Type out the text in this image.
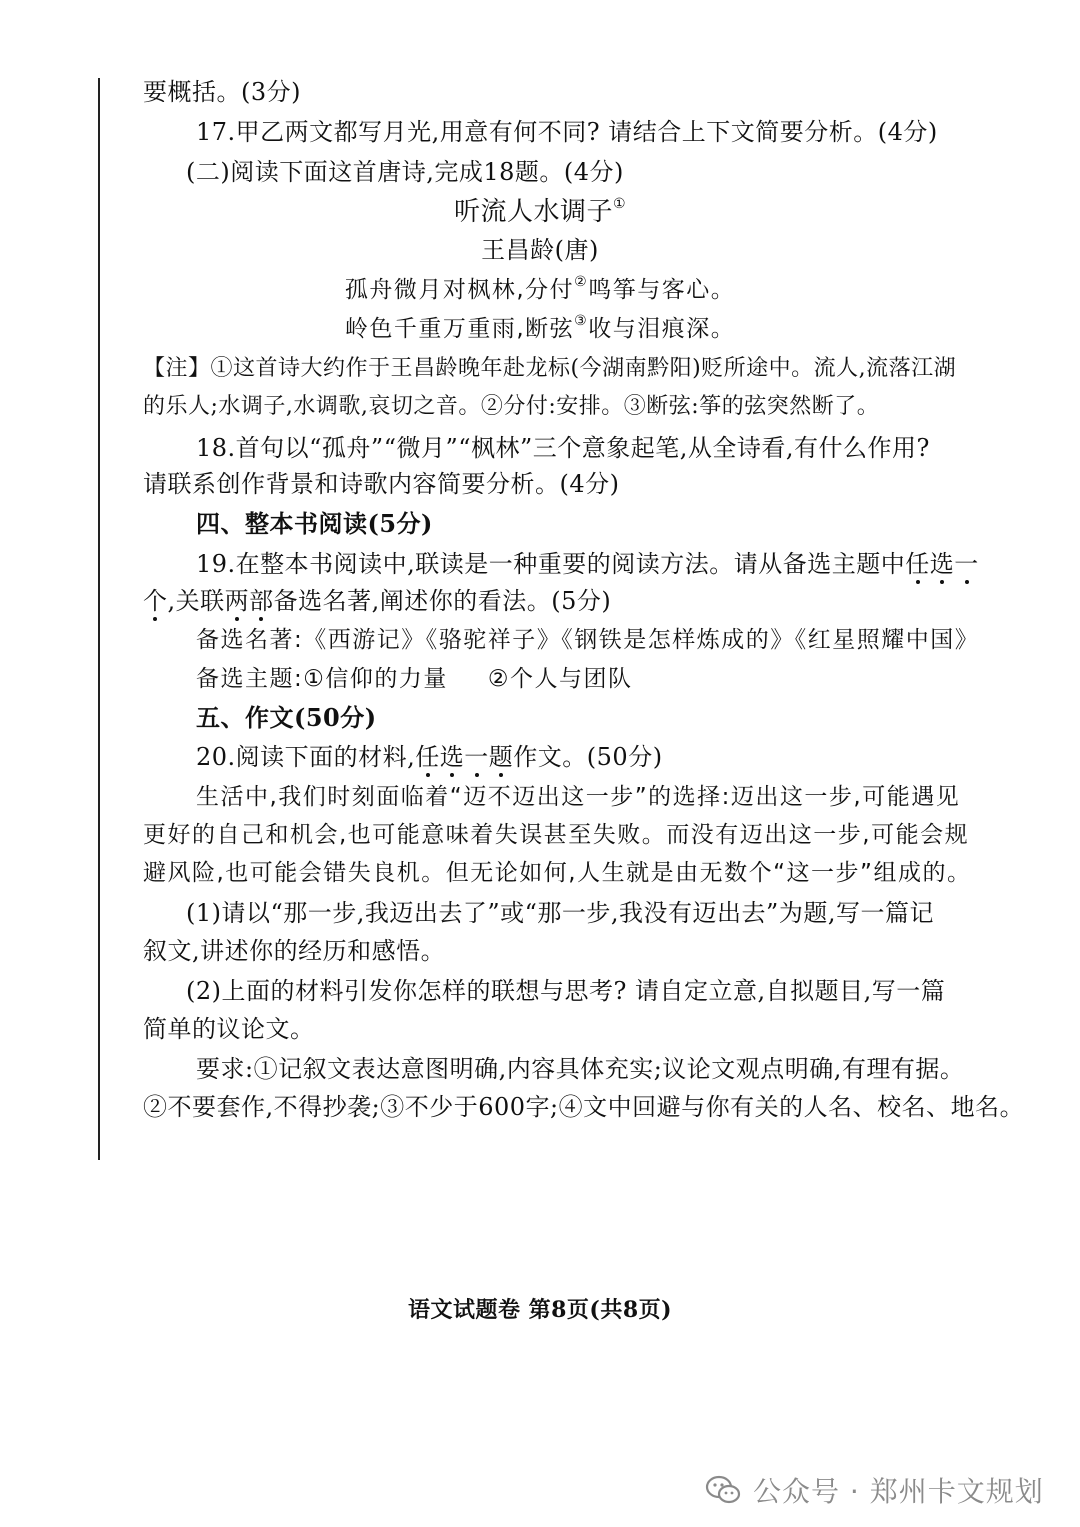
要概括。(3分)
17.甲乙两文都写月光,用意有何不同? 请结合上下文简要分析。(4分)
(二)阅读下面这首唐诗,完成18题。(4分)
听流人水调子①
王昌龄(唐)
孤舟微月对枫林,分付②鸣筝与客心。
岭色千重万重雨,断弦③收与泪痕深。
【注】①这首诗大约作于王昌龄晚年赴龙标(今湖南黔阳)贬所途中。流人,流落江湖
的乐人;水调子,水调歌,哀切之音。②分付:安排。③断弦:筝的弦突然断了。
18.首句以“孤舟”“微月”“枫林”三个意象起笔,从全诗看,有什么作用?
请联系创作背景和诗歌内容简要分析。(4分)
四、整本书阅读(5分)
19.在整本书阅读中,联读是一种重要的阅读方法。请从备选主题中任选一
个,关联两部备选名著,阐述你的看法。(5分)
备选名著:《西游记》《骆驼祥子》《钢铁是怎样炼成的》《红星照耀中国》
备选主题:①信仰的力量 ②个人与团队
五、作文(50分)
20.阅读下面的材料,任选一题作文。(50分)
生活中,我们时刻面临着“迈不迈出这一步”的选择:迈出这一步,可能遇见
更好的自己和机会,也可能意味着失误甚至失败。而没有迈出这一步,可能会规
避风险,也可能会错失良机。但无论如何,人生就是由无数个“这一步”组成的。
(1)请以“那一步,我迈出去了”或“那一步,我没有迈出去”为题,写一篇记
叙文,讲述你的经历和感悟。
(2)上面的材料引发你怎样的联想与思考? 请自定立意,自拟题目,写一篇
简单的议论文。
要求:①记叙文表达意图明确,内容具体充实;议论文观点明确,有理有据。
②不要套作,不得抄袭;③不少于600字;④文中回避与你有关的人名、校名、地名。
语文试题卷 第8页(共8页)
公众号 · 郑州卡文规划
